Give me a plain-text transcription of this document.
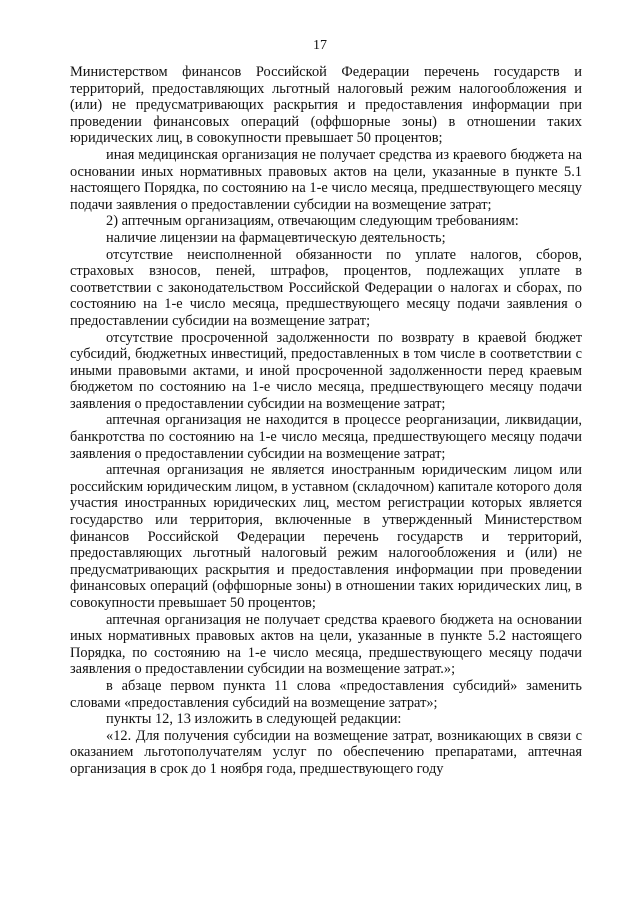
17

Министерством финансов Российской Федерации перечень государств и территорий, предоставляющих льготный налоговый режим налогообложения и (или) не предусматривающих раскрытия и предоставления информации при проведении финансовых операций (оффшорные зоны) в отношении таких юридических лиц, в совокупности превышает 50 процентов;

иная медицинская организация не получает средства из краевого бюджета на основании иных нормативных правовых актов на цели, указанные в пункте 5.1 настоящего Порядка, по состоянию на 1-е число месяца, предшествующего месяцу подачи заявления о предоставлении субсидии на возмещение затрат;

2) аптечным организациям, отвечающим следующим требованиям:

наличие лицензии на фармацевтическую деятельность;

отсутствие неисполненной обязанности по уплате налогов, сборов, страховых взносов, пеней, штрафов, процентов, подлежащих уплате в соответствии с законодательством Российской Федерации о налогах и сборах, по состоянию на 1-е число месяца, предшествующего месяцу подачи заявления о предоставлении субсидии на возмещение затрат;

отсутствие просроченной задолженности по возврату в краевой бюджет субсидий, бюджетных инвестиций, предоставленных в том числе в соответствии с иными правовыми актами, и иной просроченной задолженности перед краевым бюджетом по состоянию на 1-е число месяца, предшествующего месяцу подачи заявления о предоставлении субсидии на возмещение затрат;

аптечная организация не находится в процессе реорганизации, ликвидации, банкротства по состоянию на 1-е число месяца, предшествующего месяцу подачи заявления о предоставлении субсидии на возмещение затрат;

аптечная организация не является иностранным юридическим лицом или российским юридическим лицом, в уставном (складочном) капитале которого доля участия иностранных юридических лиц, местом регистрации которых является государство или территория, включенные в утвержденный Министерством финансов Российской Федерации перечень государств и территорий, предоставляющих льготный налоговый режим налогообложения и (или) не предусматривающих раскрытия и предоставления информации при проведении финансовых операций (оффшорные зоны) в отношении таких юридических лиц, в совокупности превышает 50 процентов;

аптечная организация не получает средства краевого бюджета на основании иных нормативных правовых актов на цели, указанные в пункте 5.2 настоящего Порядка, по состоянию на 1-е число месяца, предшествующего месяцу подачи заявления о предоставлении субсидии на возмещение затрат.»;

в абзаце первом пункта 11 слова «предоставления субсидий» заменить словами «предоставления субсидий на возмещение затрат»;

пункты 12, 13 изложить в следующей редакции:

«12. Для получения субсидии на возмещение затрат, возникающих в связи с оказанием льготополучателям услуг по обеспечению препаратами, аптечная организация в срок до 1 ноября года, предшествующего году
